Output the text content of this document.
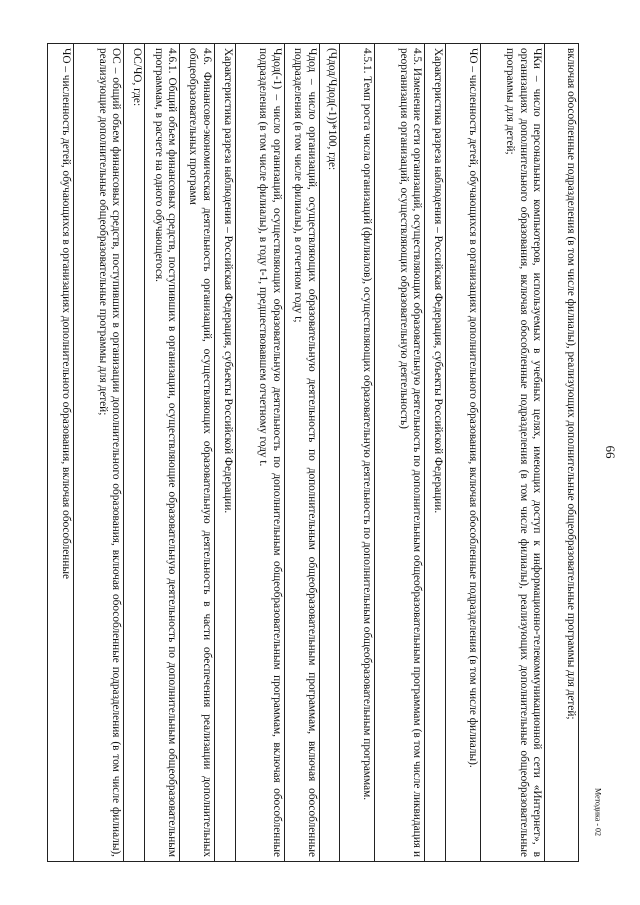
66
включая обособленные подразделения (в том числе филиалы), реализующих дополнительные общеобразовательные программы для детей;
ЧКи – число персональных компьютеров, используемых в учебных целях, имеющих доступ к информационно-телекоммуникационной сети «Интернет», в организациях дополнительного образования, включая обособленные подразделения (в том числе филиалы), реализующих дополнительные общеобразовательные программы для детей;
ЧО – численность детей, обучающихся в организациях дополнительного образования, включая обособленные подразделения (в том числе филиалы).
Характеристика разреза наблюдения – Российская Федерация, субъекты Российской Федерации.
4.5. Изменение сети организаций, осуществляющих образовательную деятельность по дополнительным общеобразовательным программам (в том числе ликвидация и реорганизация организаций, осуществляющих образовательную деятельность)
4.5.1. Темп роста числа организаций (филиалов), осуществляющих образовательную деятельность по дополнительным общеобразовательным программам.
(Чдод/Чдод(-1))*100, где:
Чдод – число организаций, осуществляющих образовательную деятельность по дополнительным общеобразовательным программам, включая обособленные подразделения (в том числе филиалы), в отчетном году t;
Чдод(-1) – число организаций, осуществляющих образовательную деятельность по дополнительным общеобразовательным программам, включая обособленные подразделения (в том числе филиалы), в году t-1, предшествовавшем отчетному году t.
Характеристика разреза наблюдения – Российская Федерация, субъекты Российской Федерации.
4.6. Финансово-экономическая деятельность организаций, осуществляющих образовательную деятельность в части обеспечения реализации дополнительных общеобразовательных программ
4.6.1. Общий объем финансовых средств, поступивших в организации, осуществляющие образовательную деятельность по дополнительным общеобразовательным программам, в расчете на одного обучающегося.
ОС/ЧО, где:
ОС – общий объем финансовых средств, поступивших в организации дополнительного образования, включая обособленные подразделения (в том числе филиалы), реализующие дополнительные общеобразовательные программы для детей;
ЧО – численность детей, обучающихся в организациях дополнительного образования, включая обособленные
Методика - 02
